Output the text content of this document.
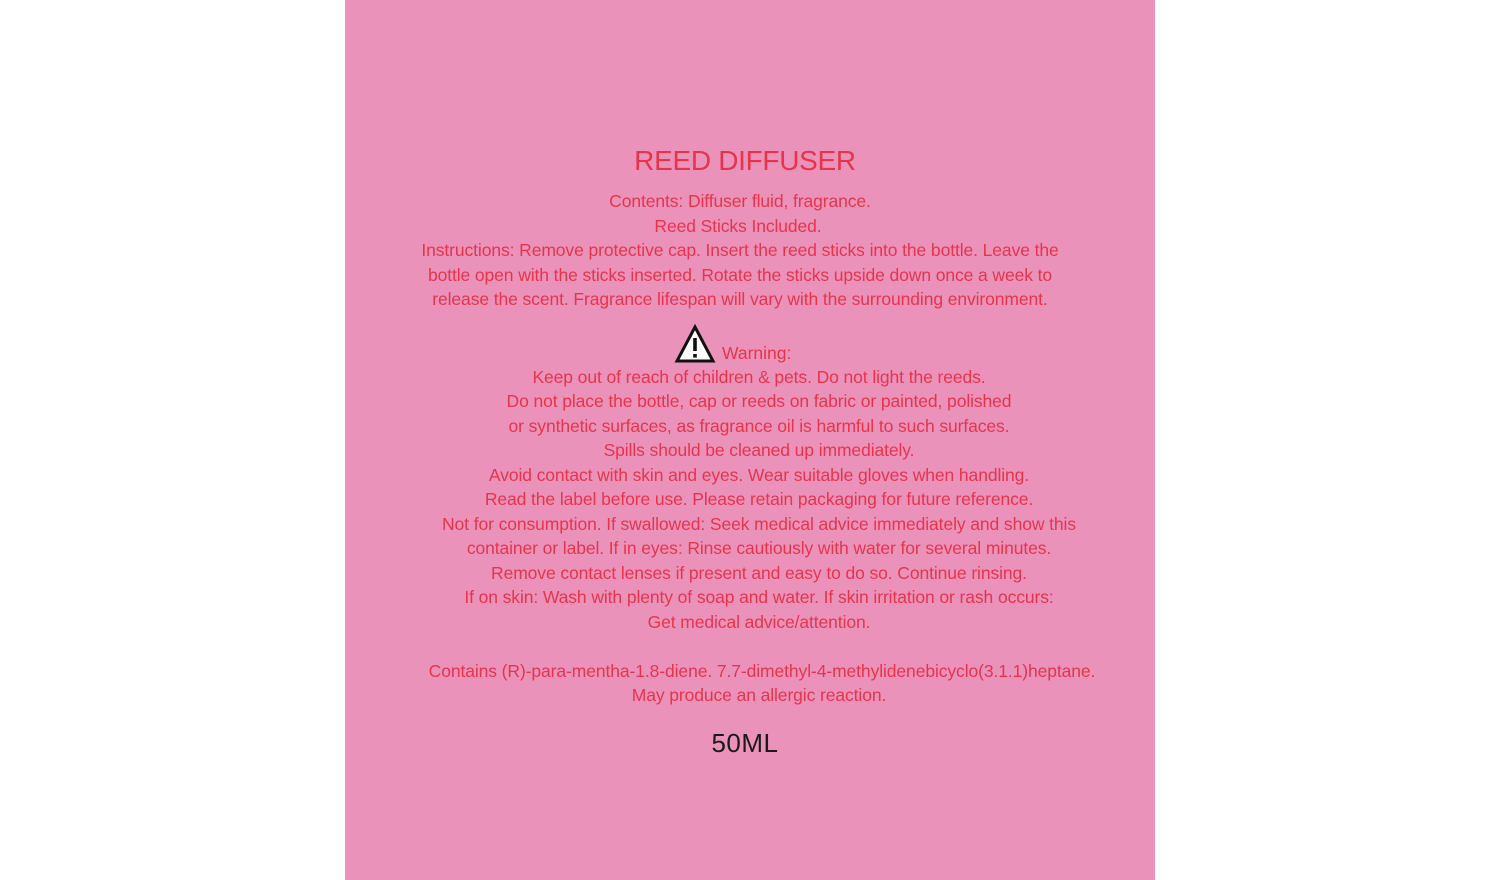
REED DIFFUSER
Contents: Diffuser fluid, fragrance.
Reed Sticks Included.
Instructions: Remove protective cap. Insert the reed sticks into the bottle. Leave the
bottle open with the sticks inserted. Rotate the sticks upside down once a week to
release the scent. Fragrance lifespan will vary with the surrounding environment.
Warning:
Keep out of reach of children & pets. Do not light the reeds.
Do not place the bottle, cap or reeds on fabric or painted, polished
or synthetic surfaces, as fragrance oil is harmful to such surfaces.
Spills should be cleaned up immediately.
Avoid contact with skin and eyes. Wear suitable gloves when handling.
Read the label before use. Please retain packaging for future reference.
Not for consumption. If swallowed: Seek medical advice immediately and show this
container or label. If in eyes: Rinse cautiously with water for several minutes.
Remove contact lenses if present and easy to do so. Continue rinsing.
If on skin: Wash with plenty of soap and water. If skin irritation or rash occurs:
Get medical advice/attention.
Contains (R)-para-mentha-1.8-diene. 7.7-dimethyl-4-methylidenebicyclo(3.1.1)heptane.
May produce an allergic reaction.
50ML
